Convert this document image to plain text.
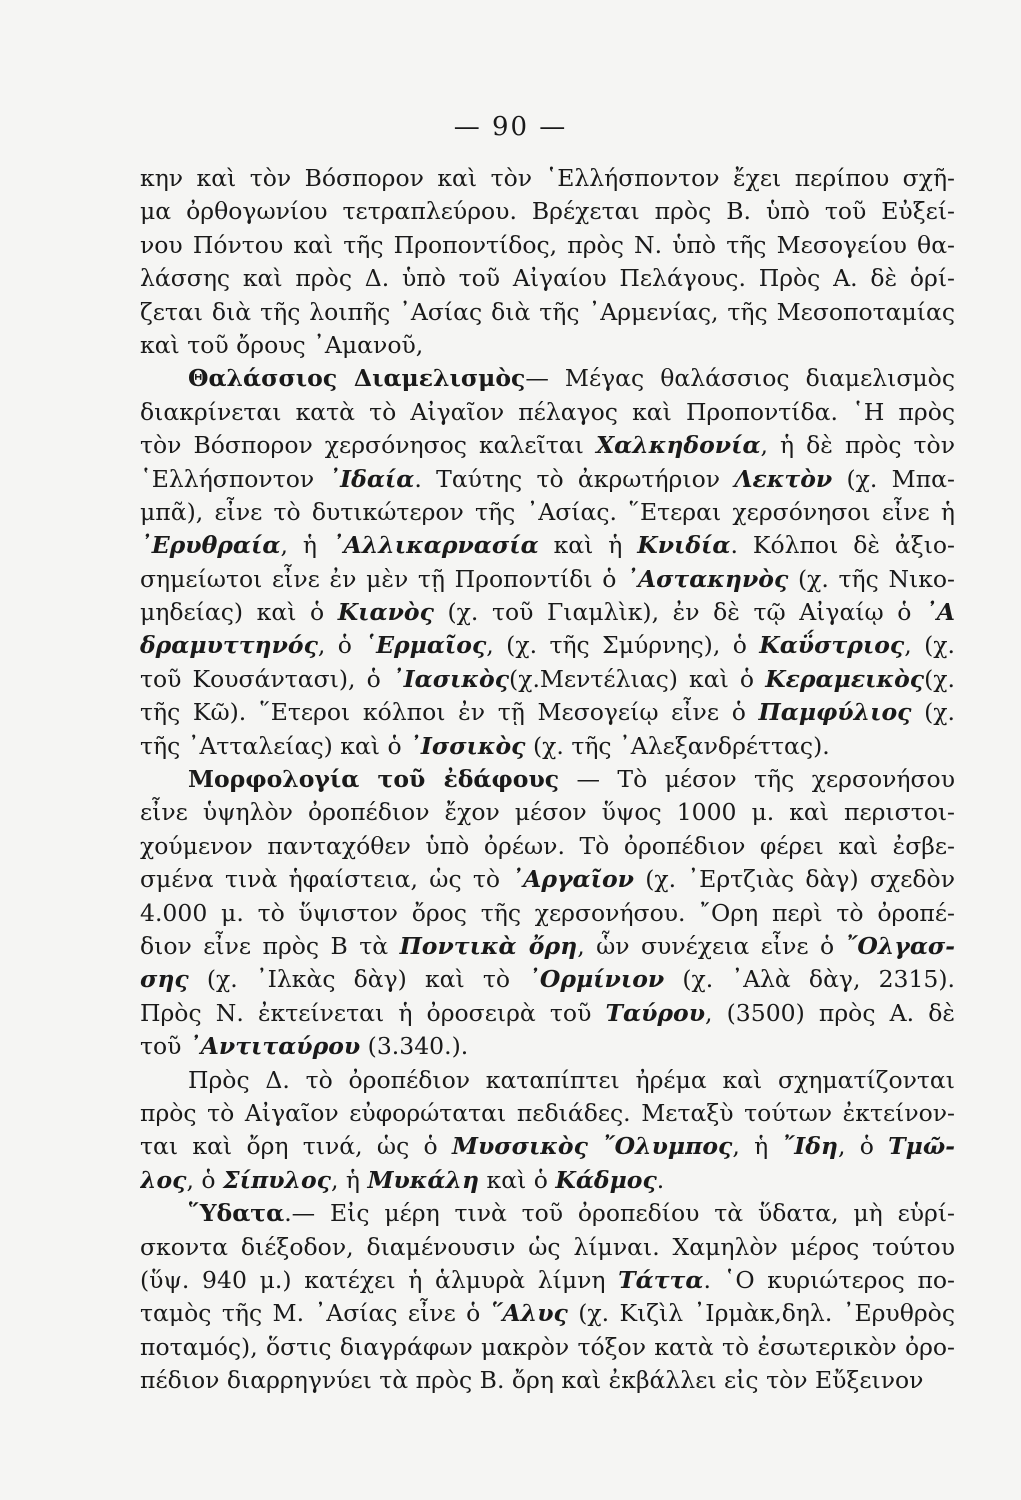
— 90 —
κην καὶ τὸν Βόσπορον καὶ τὸν ῾Ελλήσποντον ἔχει περίπου σχῆ-
μα ὀρθογωνίου τετραπλεύρου. Βρέχεται πρὸς Β. ὑπὸ τοῦ Εὐξεί-
νου Πόντου καὶ τῆς Προποντίδος, πρὸς Ν. ὑπὸ τῆς Μεσογείου θα-
λάσσης καὶ πρὸς Δ. ὑπὸ τοῦ Αἰγαίου Πελάγους. Πρὸς Α. δὲ ὁρί-
ζεται διὰ τῆς λοιπῆς ᾿Ασίας διὰ τῆς ᾿Αρμενίας, τῆς Μεσοποταμίας
καὶ τοῦ ὄρους ᾿Αμανοῦ,
Θαλάσσιος Διαμελισμὸς— Μέγας θαλάσσιος διαμελισμὸς
διακρίνεται κατὰ τὸ Αἰγαῖον πέλαγος καὶ Προποντίδα. ῾Η πρὸς
τὸν Βόσπορον χερσόνησος καλεῖται Χαλκηδονία, ἡ δὲ πρὸς τὸν
῾Ελλήσποντον ᾿Ιδαία. Ταύτης τὸ ἀκρωτήριον Λεκτὸν (χ. Μπα-
μπᾶ), εἶνε τὸ δυτικώτερον τῆς ᾿Ασίας. ῞Ετεραι χερσόνησοι εἶνε ἡ
᾿Ερυθραία, ἡ ᾿Αλλικαρνασία καὶ ἡ Κνιδία. Κόλποι δὲ ἀξιο-
σημείωτοι εἶνε ἐν μὲν τῇ Προποντίδι ὁ ᾿Αστακηνὸς (χ. τῆς Νικο-
μηδείας) καὶ ὁ Κιανὸς (χ. τοῦ Γιαμλὶκ), ἐν δὲ τῷ Αἰγαίῳ ὁ ᾿Α
δραμυττηνός, ὁ ῾Ερμαῖος, (χ. τῆς Σμύρνης), ὁ Καΰστριος, (χ.
τοῦ Κουσάντασι), ὁ ᾿Ιασικὸς(χ.Μεντέλιας) καὶ ὁ Κεραμεικὸς(χ.
τῆς Κῶ). ῞Ετεροι κόλποι ἐν τῇ Μεσογείῳ εἶνε ὁ Παμφύλιος (χ.
τῆς ᾿Ατταλείας) καὶ ὁ ᾿Ισσικὸς (χ. τῆς ᾿Αλεξανδρέττας).
Μορφολογία τοῦ ἐδάφους — Τὸ μέσον τῆς χερσονήσου
εἶνε ὑψηλὸν ὀροπέδιον ἔχον μέσον ὕψος 1000 μ. καὶ περιστοι-
χούμενον πανταχόθεν ὑπὸ ὀρέων. Τὸ ὀροπέδιον φέρει καὶ ἐσβε-
σμένα τινὰ ἡφαίστεια, ὡς τὸ ᾿Αργαῖον (χ. ᾿Ερτζιὰς δὰγ) σχεδὸν
4.000 μ. τὸ ὕψιστον ὄρος τῆς χερσονήσου. ῎Ορη περὶ τὸ ὀροπέ-
διον εἶνε πρὸς Β τὰ Ποντικὰ ὄρη, ὧν συνέχεια εἶνε ὁ ῎Ολγασ-
σης (χ. ᾿Ιλκὰς δὰγ) καὶ τὸ ᾿Ορμίνιον (χ. ᾿Αλὰ δὰγ, 2315).
Πρὸς Ν. ἐκτείνεται ἡ ὀροσειρὰ τοῦ Ταύρου, (3500) πρὸς Α. δὲ
τοῦ ᾿Αντιταύρου (3.340.).
Πρὸς Δ. τὸ ὀροπέδιον καταπίπτει ἠρέμα καὶ σχηματίζονται
πρὸς τὸ Αἰγαῖον εὐφορώταται πεδιάδες. Μεταξὺ τούτων ἐκτείνον-
ται καὶ ὄρη τινά, ὡς ὁ Μυσσικὸς ῎Ολυμπος, ἡ ῎Ιδη, ὁ Τμῶ-
λος, ὁ Σίπυλος, ἡ Μυκάλη καὶ ὁ Κάδμος.
῞Υδατα.— Εἰς μέρη τινὰ τοῦ ὀροπεδίου τὰ ὕδατα, μὴ εὑρί-
σκοντα διέξοδον, διαμένουσιν ὡς λίμναι. Χαμηλὸν μέρος τούτου
(ὕψ. 940 μ.) κατέχει ἡ ἁλμυρὰ λίμνη Τάττα. ῾Ο κυριώτερος πο-
ταμὸς τῆς Μ. ᾿Ασίας εἶνε ὁ ῞Αλυς (χ. Κιζὶλ ᾿Ιρμὰκ,δηλ. ᾿Ερυθρὸς
ποταμός), ὅστις διαγράφων μακρὸν τόξον κατὰ τὸ ἐσωτερικὸν ὀρο-
πέδιον διαρρηγνύει τὰ πρὸς Β. ὄρη καὶ ἐκβάλλει εἰς τὸν Εὔξεινον
